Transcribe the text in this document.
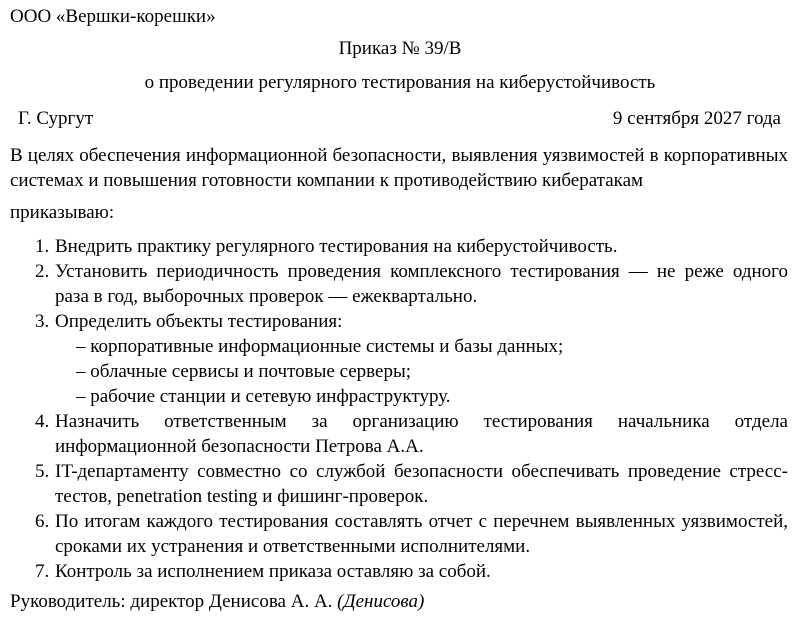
ООО «Вершки-корешки»
Приказ № 39/В
о проведении регулярного тестирования на киберустойчивость
Г. Сургут	9 сентября 2027 года
В целях обеспечения информационной безопасности, выявления уязвимостей в корпоративных системах и повышения готовности компании к противодействию кибератакам
приказываю:
1. Внедрить практику регулярного тестирования на киберустойчивость.
2. Установить периодичность проведения комплексного тестирования — не реже одного раза в год, выборочных проверок — ежеквартально.
3. Определить объекты тестирования:
– корпоративные информационные системы и базы данных;
– облачные сервисы и почтовые серверы;
– рабочие станции и сетевую инфраструктуру.
4. Назначить ответственным за организацию тестирования начальника отдела информационной безопасности Петрова А.А.
5. IT-департаменту совместно со службой безопасности обеспечивать проведение стресс-тестов, penetration testing и фишинг-проверок.
6. По итогам каждого тестирования составлять отчет с перечнем выявленных уязвимостей, сроками их устранения и ответственными исполнителями.
7. Контроль за исполнением приказа оставляю за собой.
Руководитель: директор Денисова А. А. (Денисова)
